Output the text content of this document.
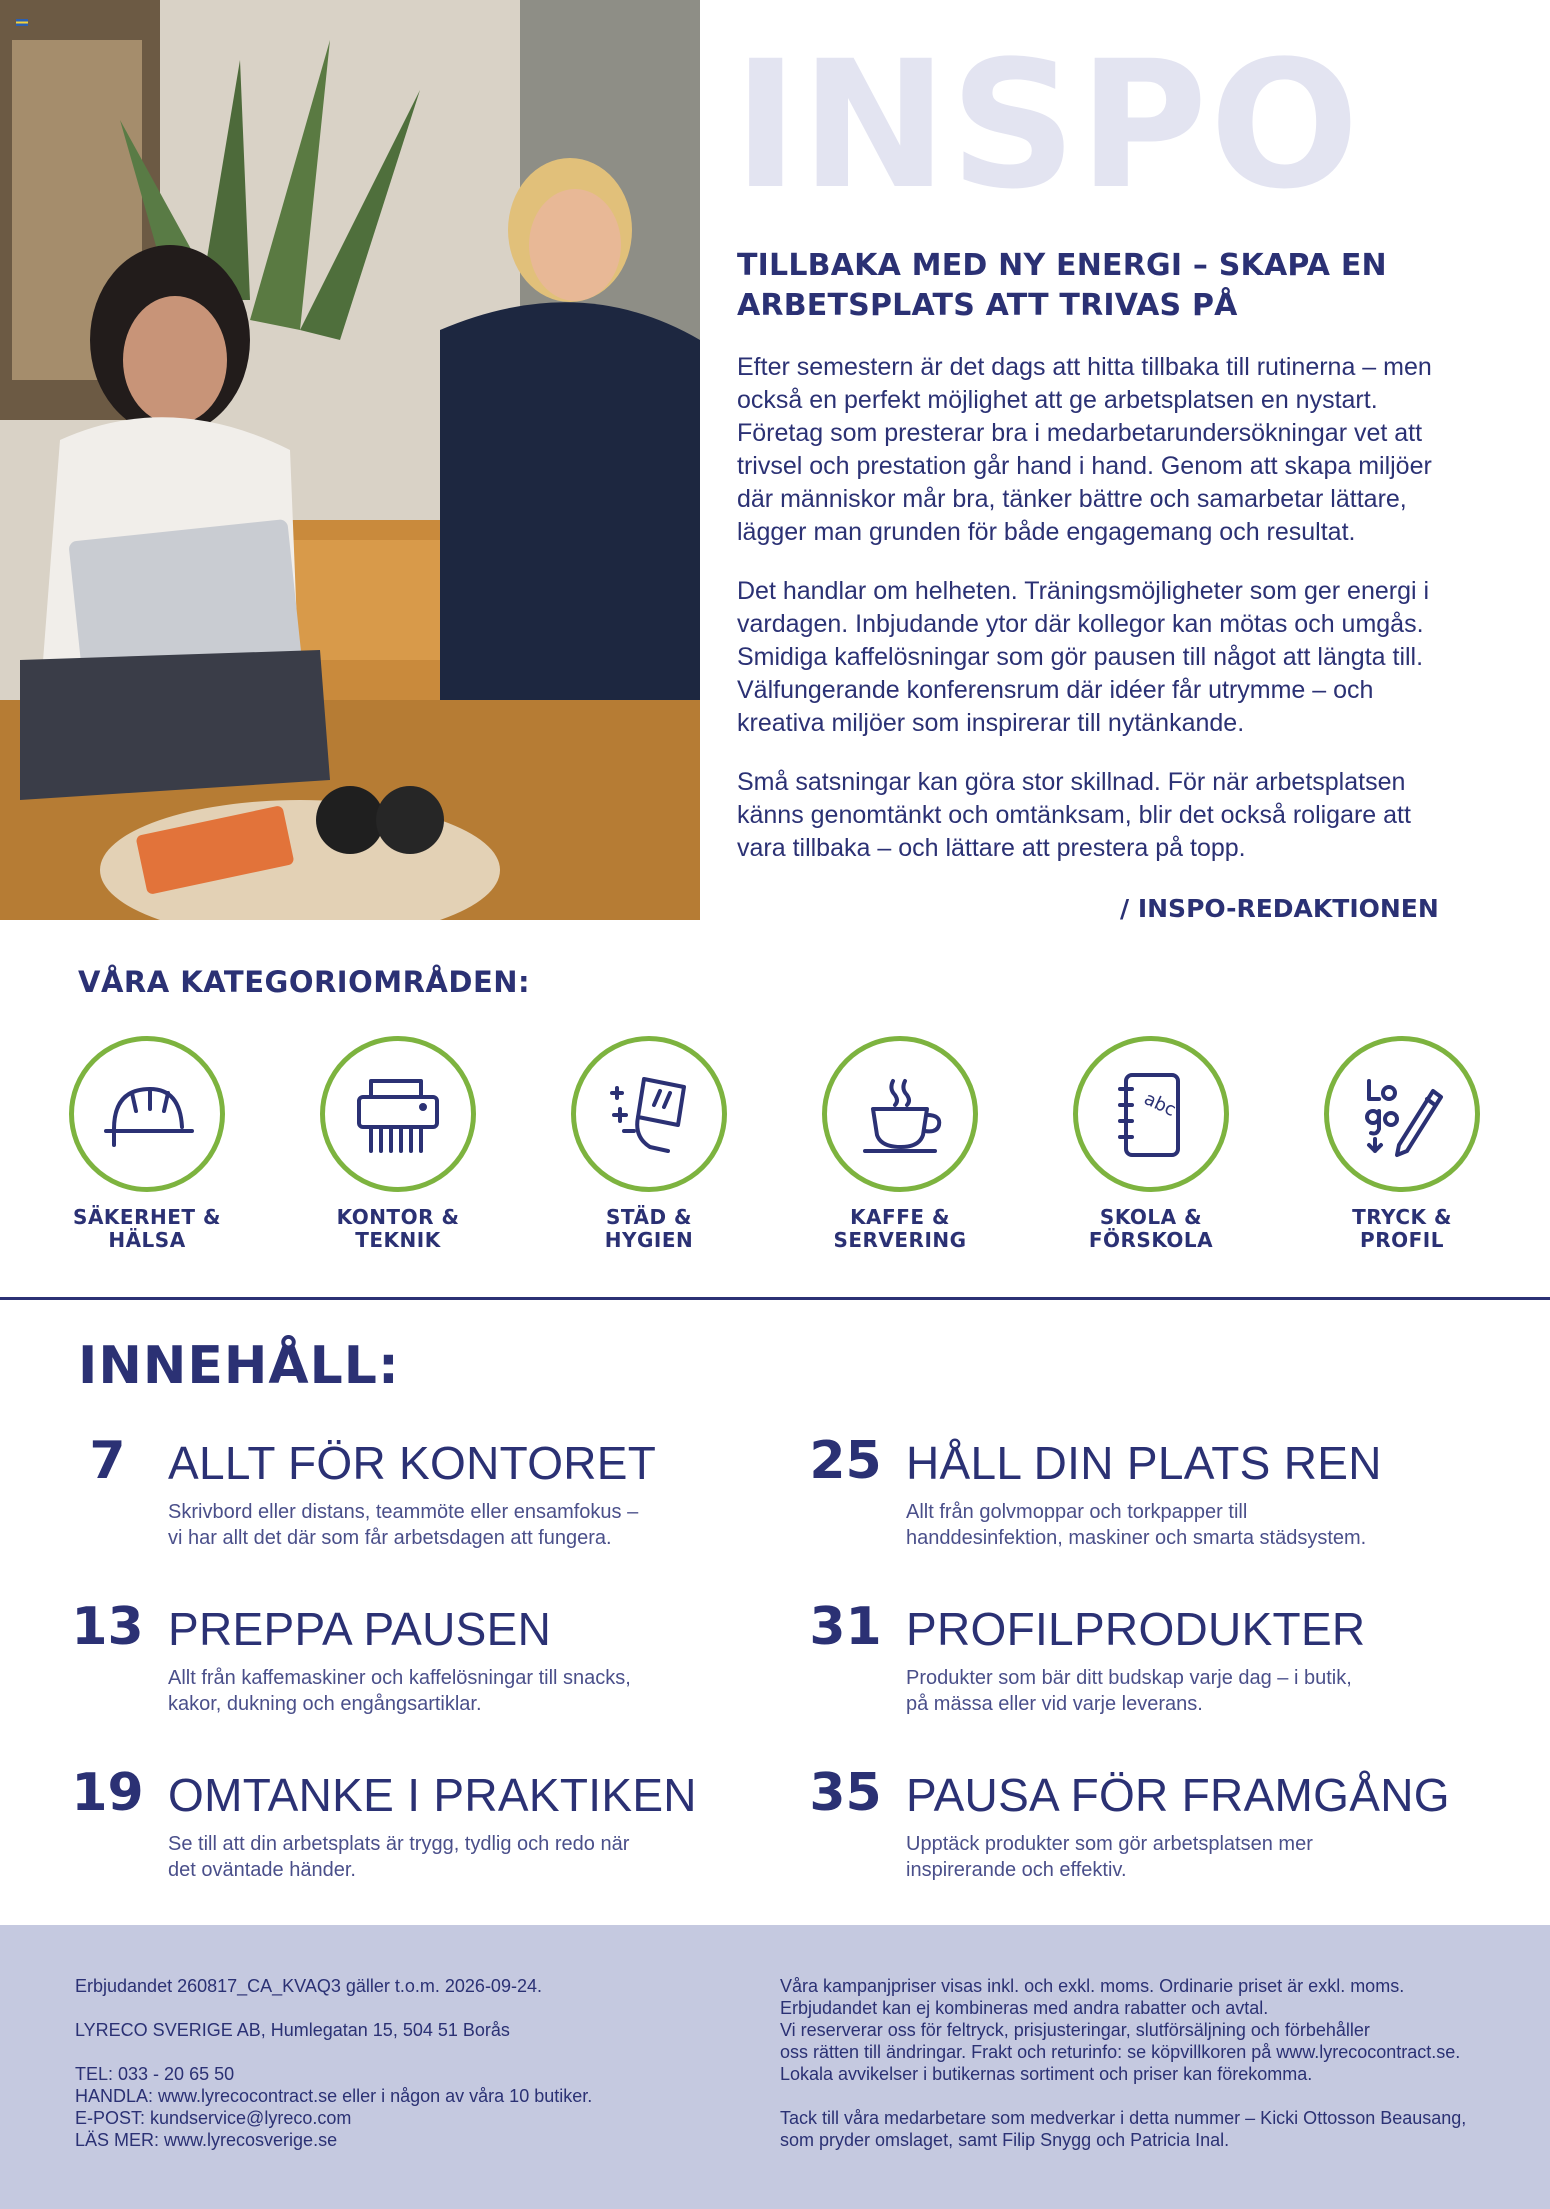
INSPO
TILLBAKA MED NY ENERGI – SKAPA EN ARBETSPLATS ATT TRIVAS PÅ
Efter semestern är det dags att hitta tillbaka till rutinerna – men också en perfekt möjlighet att ge arbetsplatsen en nystart. Företag som presterar bra i medarbetarundersökningar vet att trivsel och prestation går hand i hand. Genom att skapa miljöer där människor mår bra, tänker bättre och samarbetar lättare, lägger man grunden för både engagemang och resultat.
Det handlar om helheten. Träningsmöjligheter som ger energi i vardagen. Inbjudande ytor där kollegor kan mötas och umgås. Smidiga kaffelösningar som gör pausen till något att längta till. Välfungerande konferensrum där idéer får utrymme – och kreativa miljöer som inspirerar till nytänkande.
Små satsningar kan göra stor skillnad. För när arbetsplatsen känns genomtänkt och omtänksam, blir det också roligare att vara tillbaka – och lättare att prestera på topp.
/ INSPO-REDAKTIONEN
VÅRA KATEGORIOMRÅDEN:
SÄKERHET &
HÄLSA
KONTOR &
TEKNIK
STÄD &
HYGIEN
KAFFE &
SERVERING
abc
SKOLA &
FÖRSKOLA
TRYCK &
PROFIL
INNEHÅLL:
7 ALLT FÖR KONTORET
Skrivbord eller distans, teammöte eller ensamfokus –
vi har allt det där som får arbetsdagen att fungera.
25 HÅLL DIN PLATS REN
Allt från golvmoppar och torkpapper till
handdesinfektion, maskiner och smarta städsystem.
13 PREPPA PAUSEN
Allt från kaffemaskiner och kaffelösningar till snacks,
kakor, dukning och engångsartiklar.
31 PROFILPRODUKTER
Produkter som bär ditt budskap varje dag – i butik,
på mässa eller vid varje leverans.
19 OMTANKE I PRAKTIKEN
Se till att din arbetsplats är trygg, tydlig och redo när
det oväntade händer.
35 PAUSA FÖR FRAMGÅNG
Upptäck produkter som gör arbetsplatsen mer
inspirerande och effektiv.
Erbjudandet 260817_CA_KVAQ3 gäller t.o.m. 2026-09-24.
LYRECO SVERIGE AB, Humlegatan 15, 504 51 Borås
TEL: 033 - 20 65 50
HANDLA: www.lyrecocontract.se eller i någon av våra 10 butiker.
E-POST: kundservice@lyreco.com
LÄS MER: www.lyrecosverige.se
Våra kampanjpriser visas inkl. och exkl. moms. Ordinarie priset är exkl. moms.
Erbjudandet kan ej kombineras med andra rabatter och avtal.
Vi reserverar oss för feltryck, prisjusteringar, slutförsäljning och förbehåller
oss rätten till ändringar. Frakt och returinfo: se köpvillkoren på www.lyrecocontract.se.
Lokala avvikelser i butikernas sortiment och priser kan förekomma.
Tack till våra medarbetare som medverkar i detta nummer – Kicki Ottosson Beausang,
som pryder omslaget, samt Filip Snygg och Patricia Inal.
